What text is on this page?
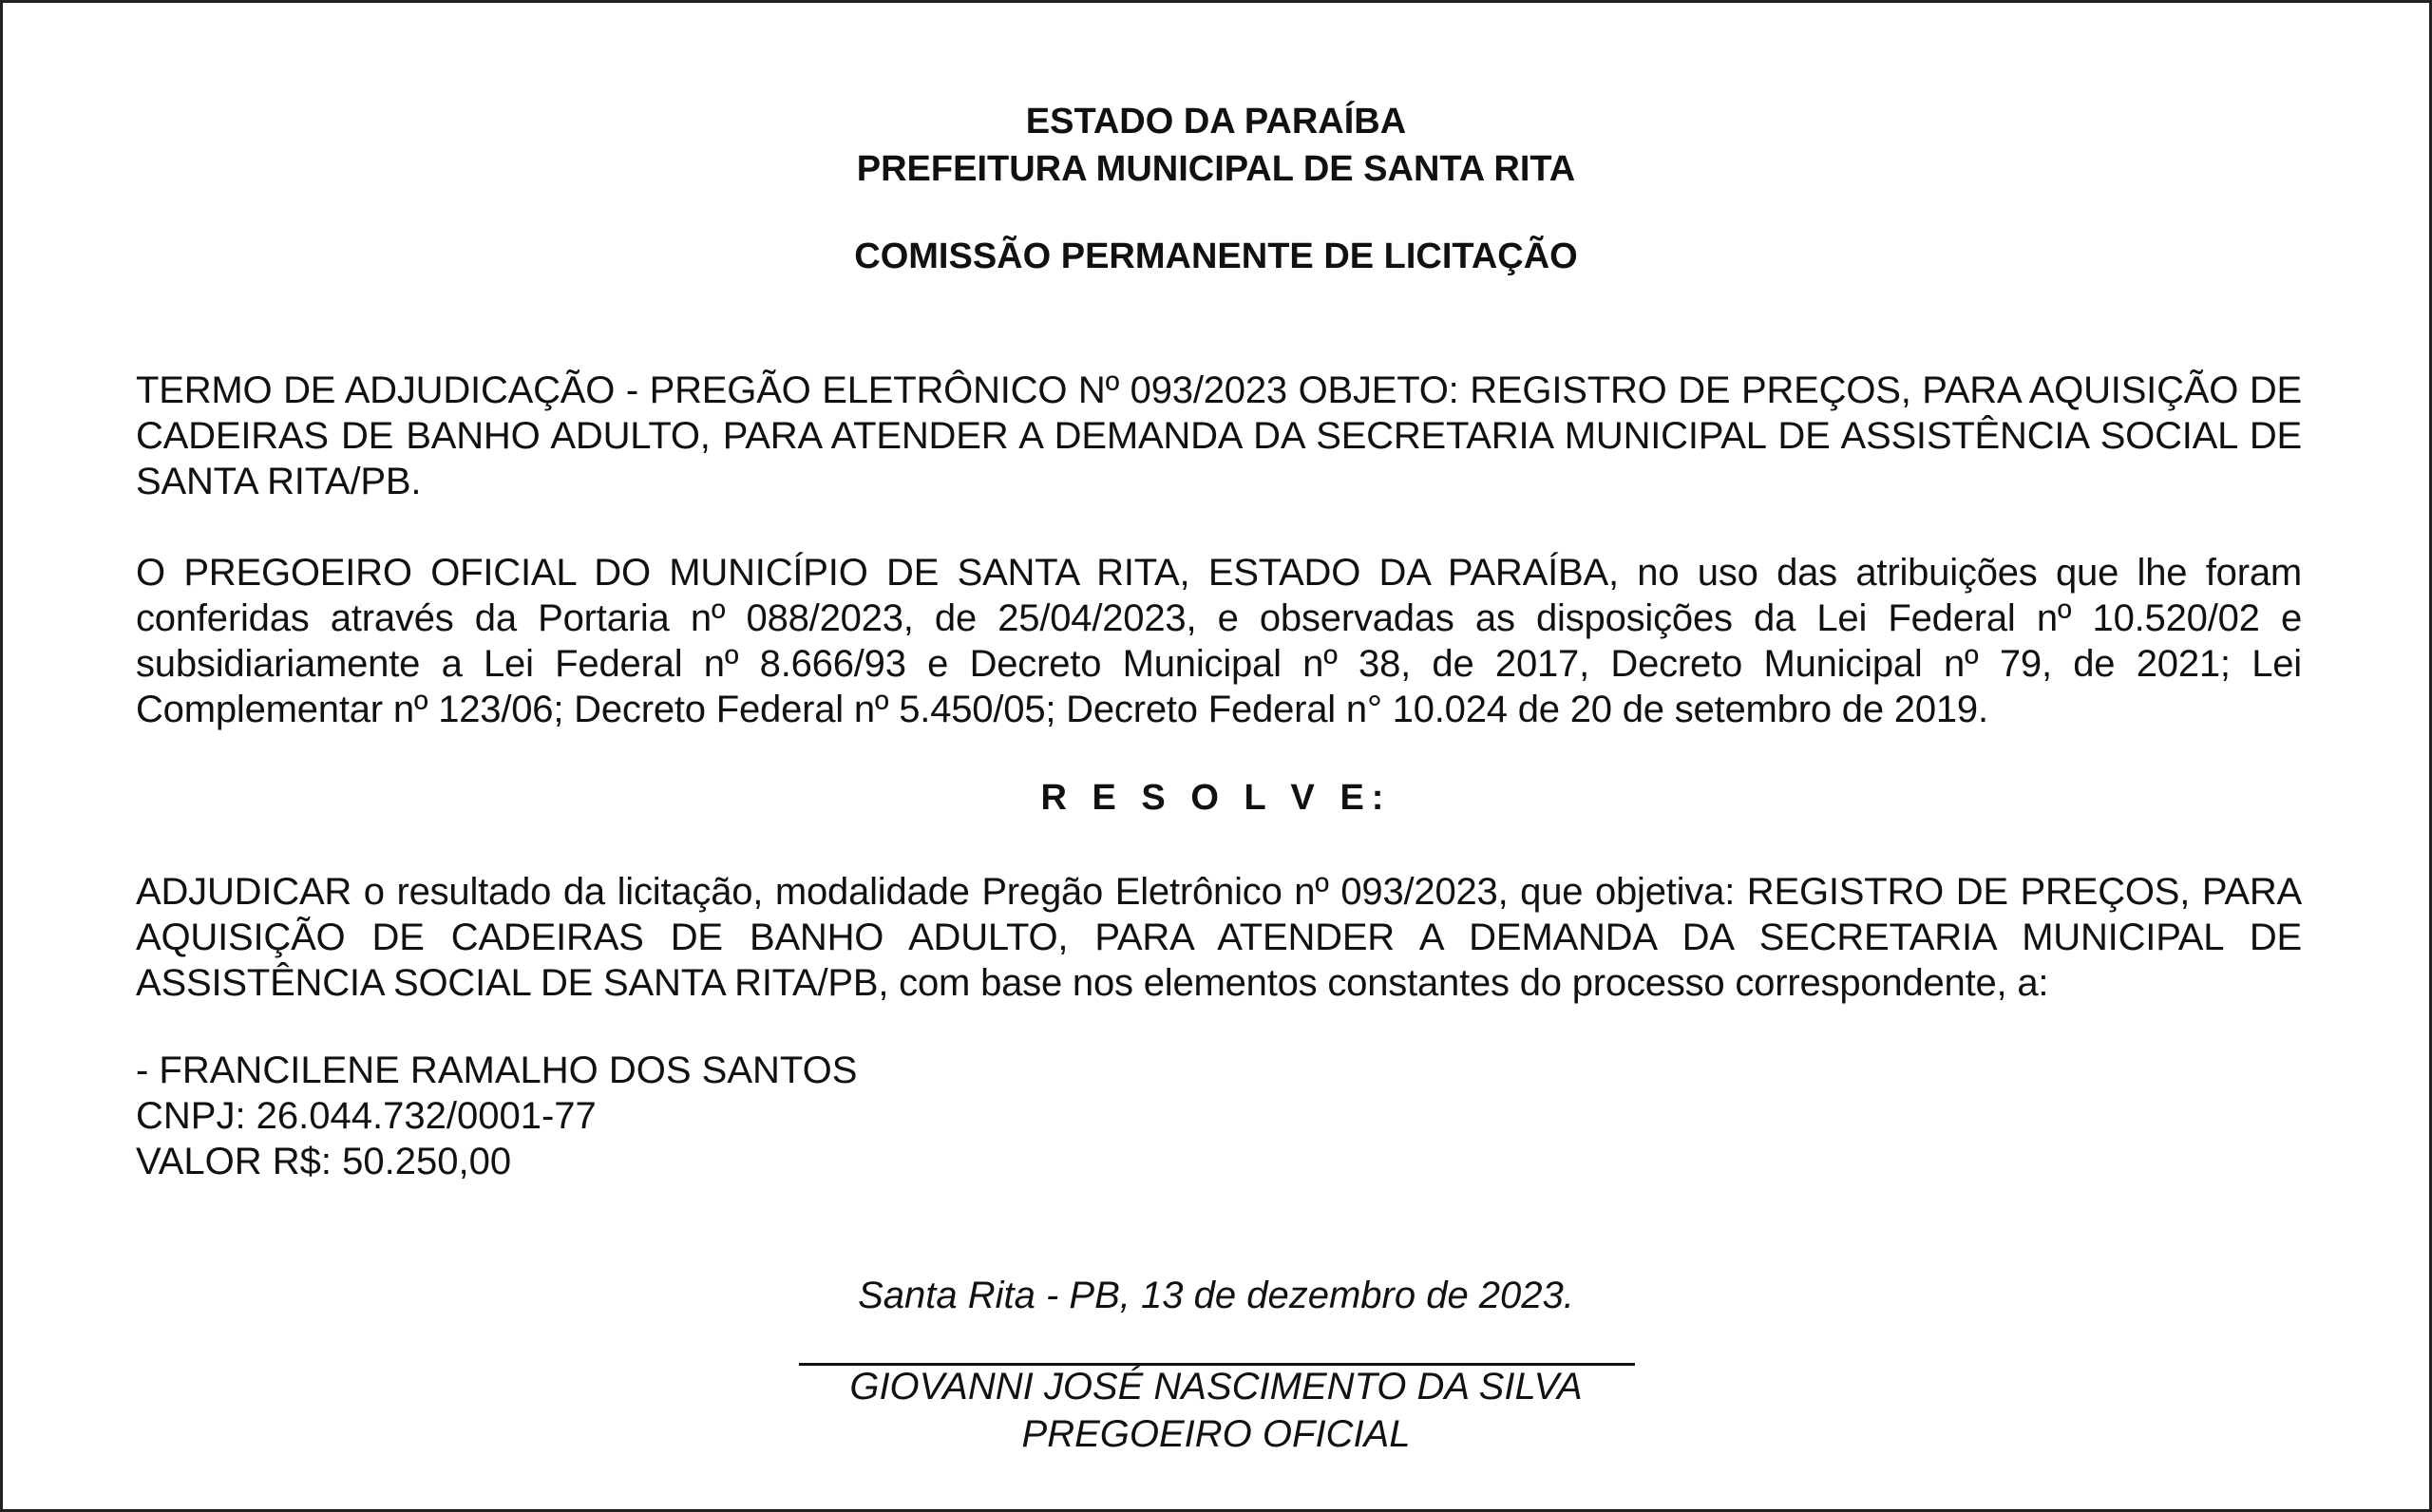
ESTADO DA PARAÍBA
PREFEITURA MUNICIPAL DE SANTA RITA
COMISSÃO PERMANENTE DE LICITAÇÃO
TERMO DE ADJUDICAÇÃO - PREGÃO ELETRÔNICO Nº 093/2023 OBJETO: REGISTRO DE PREÇOS, PARA AQUISIÇÃO DE CADEIRAS DE BANHO ADULTO, PARA ATENDER A DEMANDA DA SECRETARIA MUNICIPAL DE ASSISTÊNCIA SOCIAL DE SANTA RITA/PB.
O PREGOEIRO OFICIAL DO MUNICÍPIO DE SANTA RITA, ESTADO DA PARAÍBA, no uso das atribuições que lhe foram conferidas através da Portaria nº 088/2023, de 25/04/2023, e observadas as disposições da Lei Federal nº 10.520/02 e subsidiariamente a Lei Federal nº 8.666/93 e Decreto Municipal nº 38, de 2017, Decreto Municipal nº 79, de 2021; Lei Complementar nº 123/06; Decreto Federal nº 5.450/05; Decreto Federal n° 10.024 de 20 de setembro de 2019.
R E S O L V E:
ADJUDICAR o resultado da licitação, modalidade Pregão Eletrônico nº 093/2023, que objetiva: REGISTRO DE PREÇOS, PARA AQUISIÇÃO DE CADEIRAS DE BANHO ADULTO, PARA ATENDER A DEMANDA DA SECRETARIA MUNICIPAL DE ASSISTÊNCIA SOCIAL DE SANTA RITA/PB, com base nos elementos constantes do processo correspondente, a:
- FRANCILENE RAMALHO DOS SANTOS
CNPJ: 26.044.732/0001-77
VALOR R$: 50.250,00
Santa Rita - PB, 13 de dezembro de 2023.
GIOVANNI JOSÉ NASCIMENTO DA SILVA
PREGOEIRO OFICIAL
